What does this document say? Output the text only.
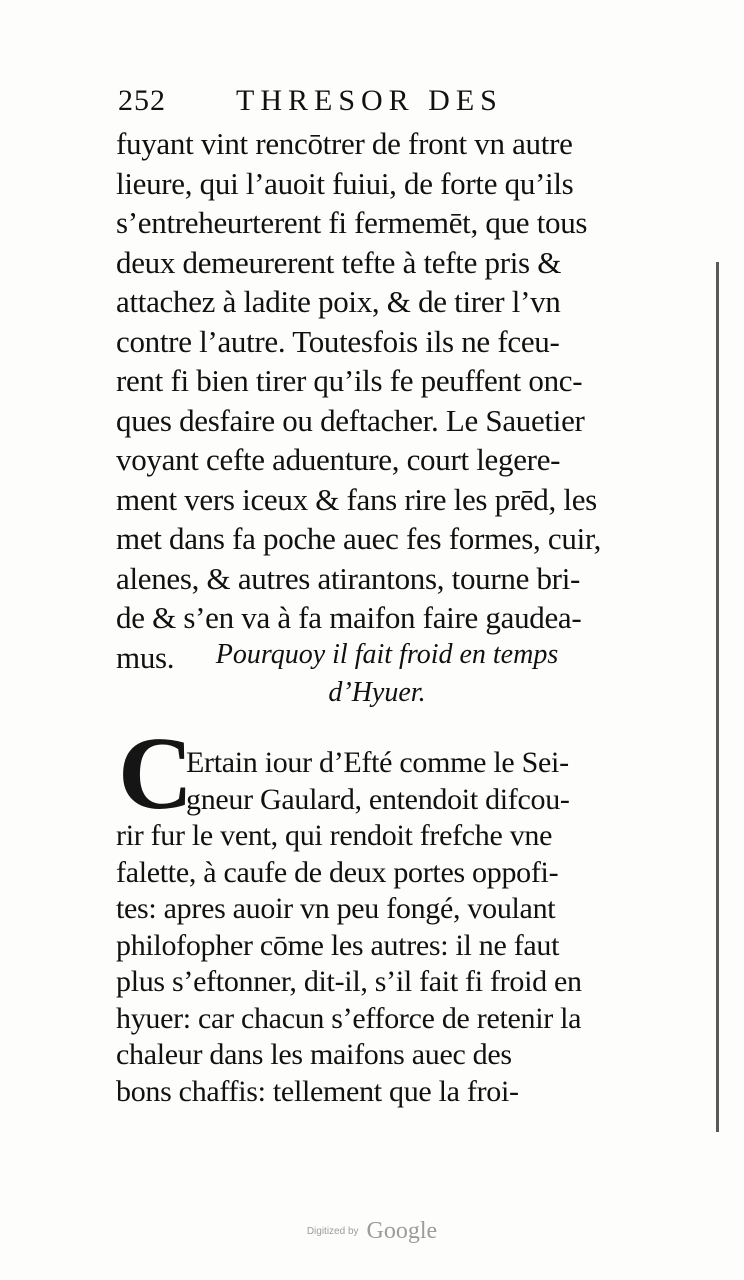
252 THRESOR DES
fuyant vint rencōtrer de front vn autre
lieure, qui l’auoit fuiui, de forte qu’ils
s’entreheurterent fi fermemēt, que tous
deux demeurerent tefte à tefte pris &
attachez à ladite poix, & de tirer l’vn
contre l’autre. Toutesfois ils ne fceu-
rent fi bien tirer qu’ils fe peuffent onc-
ques desfaire ou deftacher. Le Sauetier
voyant cefte aduenture, court legere-
ment vers iceux & fans rire les prēd, les
met dans fa poche auec fes formes, cuir,
alenes, & autres atirantons, tourne bri-
de & s’en va à fa maifon faire gaudea-
mus.	Pourquoy il fait froid en temps
d’Hyuer.
C
Ertain iour d’Efté comme le Sei-
gneur Gaulard, entendoit difcou-
rir fur le vent, qui rendoit frefche vne
falette, à caufe de deux portes oppofi-
tes: apres auoir vn peu fongé, voulant
philofopher cōme les autres: il ne faut
plus s’eftonner, dit-il, s’il fait fi froid en
hyuer: car chacun s’efforce de retenir la
chaleur dans les maifons auec des
bons chaffis: tellement que la froi-
Digitized by Google
